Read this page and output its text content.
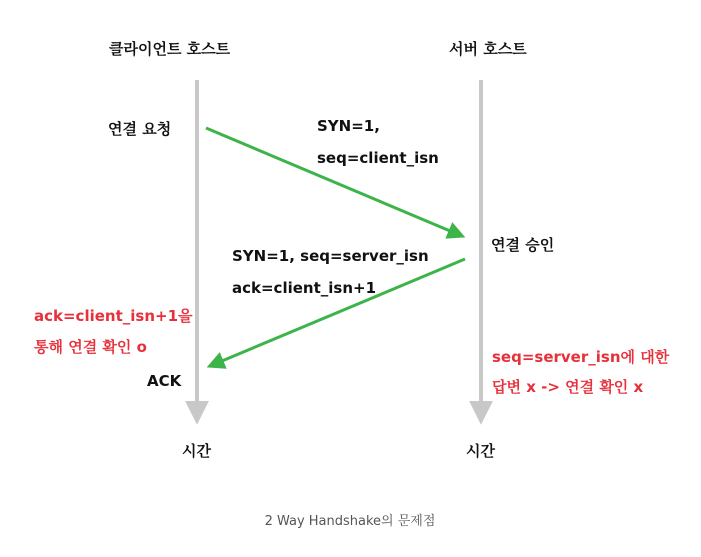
클라이언트 호스트	서버 호스트
시간	시간
연결 요청
ACK
연결 승인
SYN=1,
seq=client_isn
SYN=1, seq=server_isn
ack=client_isn+1
ack=client_isn+1을
통해 연결 확인 o
seq=server_isn에 대한
답변 x -> 연결 확인 x
2 Way Handshake의 문제점
